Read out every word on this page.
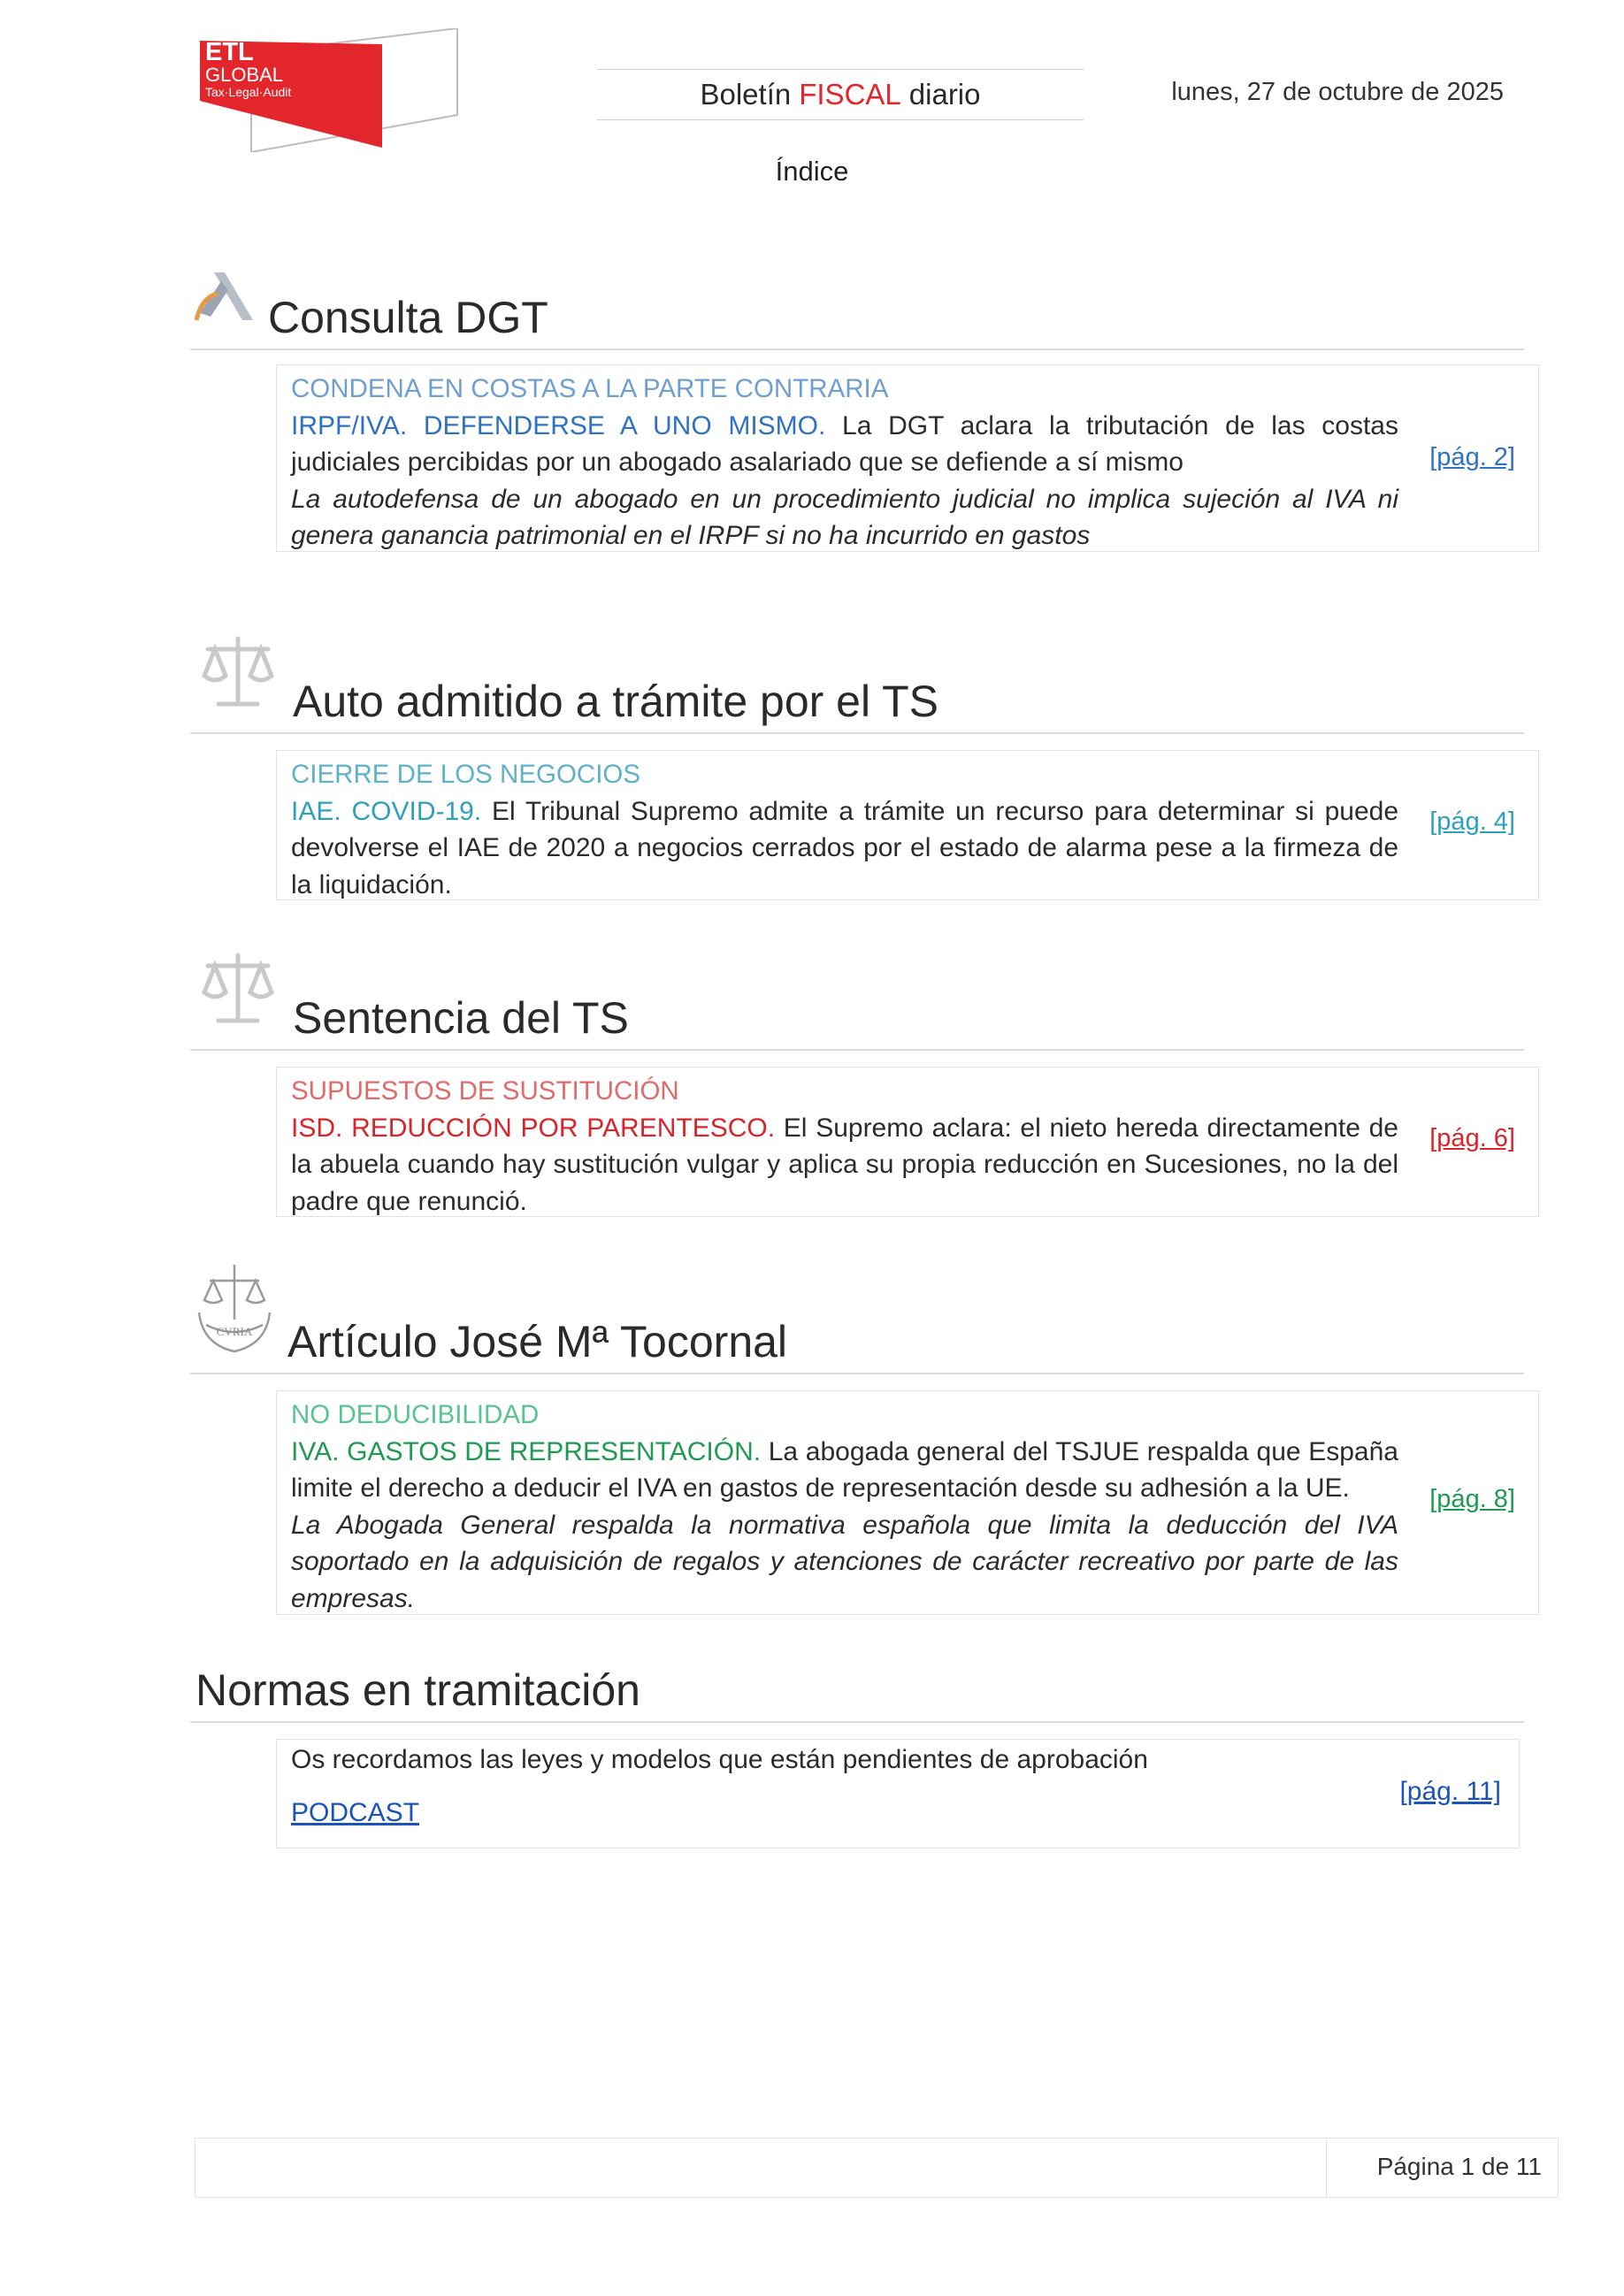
ETL
GLOBAL
Tax·Legal·Audit	Boletín FISCAL diario	lunes, 27 de octubre de 2025
Índice
Consulta DGT
CONDENA EN COSTAS A LA PARTE CONTRARIA
IRPF/IVA. DEFENDERSE A UNO MISMO. La DGT aclara la tributación de las costas judiciales percibidas por un abogado asalariado que se defiende a sí mismo
La autodefensa de un abogado en un procedimiento judicial no implica sujeción al IVA ni genera ganancia patrimonial en el IRPF si no ha incurrido en gastos
[pág. 2]
Auto admitido a trámite por el TS
CIERRE DE LOS NEGOCIOS
IAE. COVID-19. El Tribunal Supremo admite a trámite un recurso para determinar si puede devolverse el IAE de 2020 a negocios cerrados por el estado de alarma pese a la firmeza de la liquidación.
[pág. 4]
Sentencia del TS
SUPUESTOS DE SUSTITUCIÓN
ISD. REDUCCIÓN POR PARENTESCO. El Supremo aclara: el nieto hereda directamente de la abuela cuando hay sustitución vulgar y aplica su propia reducción en Sucesiones, no la del padre que renunció.
[pág. 6]
CVRIA Artículo José Mª Tocornal
NO DEDUCIBILIDAD
IVA. GASTOS DE REPRESENTACIÓN. La abogada general del TSJUE respalda que España limite el derecho a deducir el IVA en gastos de representación desde su adhesión a la UE.
La Abogada General respalda la normativa española que limita la deducción del IVA soportado en la adquisición de regalos y atenciones de carácter recreativo por parte de las empresas.
[pág. 8]
Normas en tramitación
Os recordamos las leyes y modelos que están pendientes de aprobación
PODCAST
[pág. 11]
Página 1 de 11
